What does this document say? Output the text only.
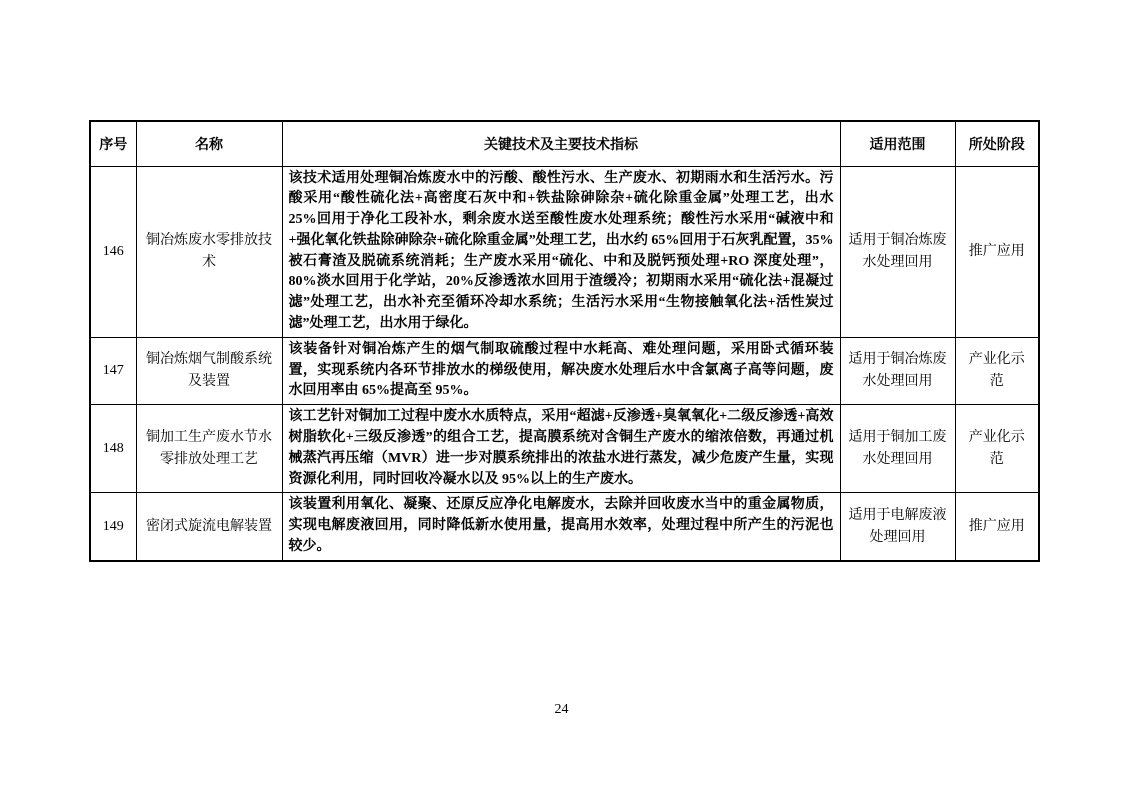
序号	名称	关键技术及主要技术指标	适用范围	所处阶段
146	铜冶炼废水零排放技术	该技术适用处理铜冶炼废水中的污酸、酸性污水、生产废水、初期雨水和生活污水。污酸采用“酸性硫化法+高密度石灰中和+铁盐除砷除杂+硫化除重金属”处理工艺，出水 25%回用于净化工段补水，剩余废水送至酸性废水处理系统；酸性污水采用“碱液中和+强化氧化铁盐除砷除杂+硫化除重金属”处理工艺，出水约 65%回用于石灰乳配置，35%被石膏渣及脱硫系统消耗；生产废水采用“硫化、中和及脱钙预处理+RO 深度处理”，80%淡水回用于化学站，20%反渗透浓水回用于渣缓冷；初期雨水采用“硫化法+混凝过滤”处理工艺，出水补充至循环冷却水系统；生活污水采用“生物接触氧化法+活性炭过滤”处理工艺，出水用于绿化。	适用于铜冶炼废水处理回用	推广应用
147	铜冶炼烟气制酸系统及装置	该装备针对铜冶炼产生的烟气制取硫酸过程中水耗高、难处理问题，采用卧式循环装置，实现系统内各环节排放水的梯级使用，解决废水处理后水中含氯离子高等问题，废水回用率由 65%提高至 95%。	适用于铜冶炼废水处理回用	产业化示范
148	铜加工生产废水节水零排放处理工艺	该工艺针对铜加工过程中废水水质特点，采用“超滤+反渗透+臭氧氧化+二级反渗透+高效树脂软化+三级反渗透”的组合工艺，提高膜系统对含铜生产废水的缩浓倍数，再通过机械蒸汽再压缩（MVR）进一步对膜系统排出的浓盐水进行蒸发，减少危废产生量，实现资源化利用，同时回收冷凝水以及 95%以上的生产废水。	适用于铜加工废水处理回用	产业化示范
149	密闭式旋流电解装置	该装置利用氧化、凝聚、还原反应净化电解废水，去除并回收废水当中的重金属物质，实现电解废液回用，同时降低新水使用量，提高用水效率，处理过程中所产生的污泥也较少。	适用于电解废液处理回用	推广应用
24
